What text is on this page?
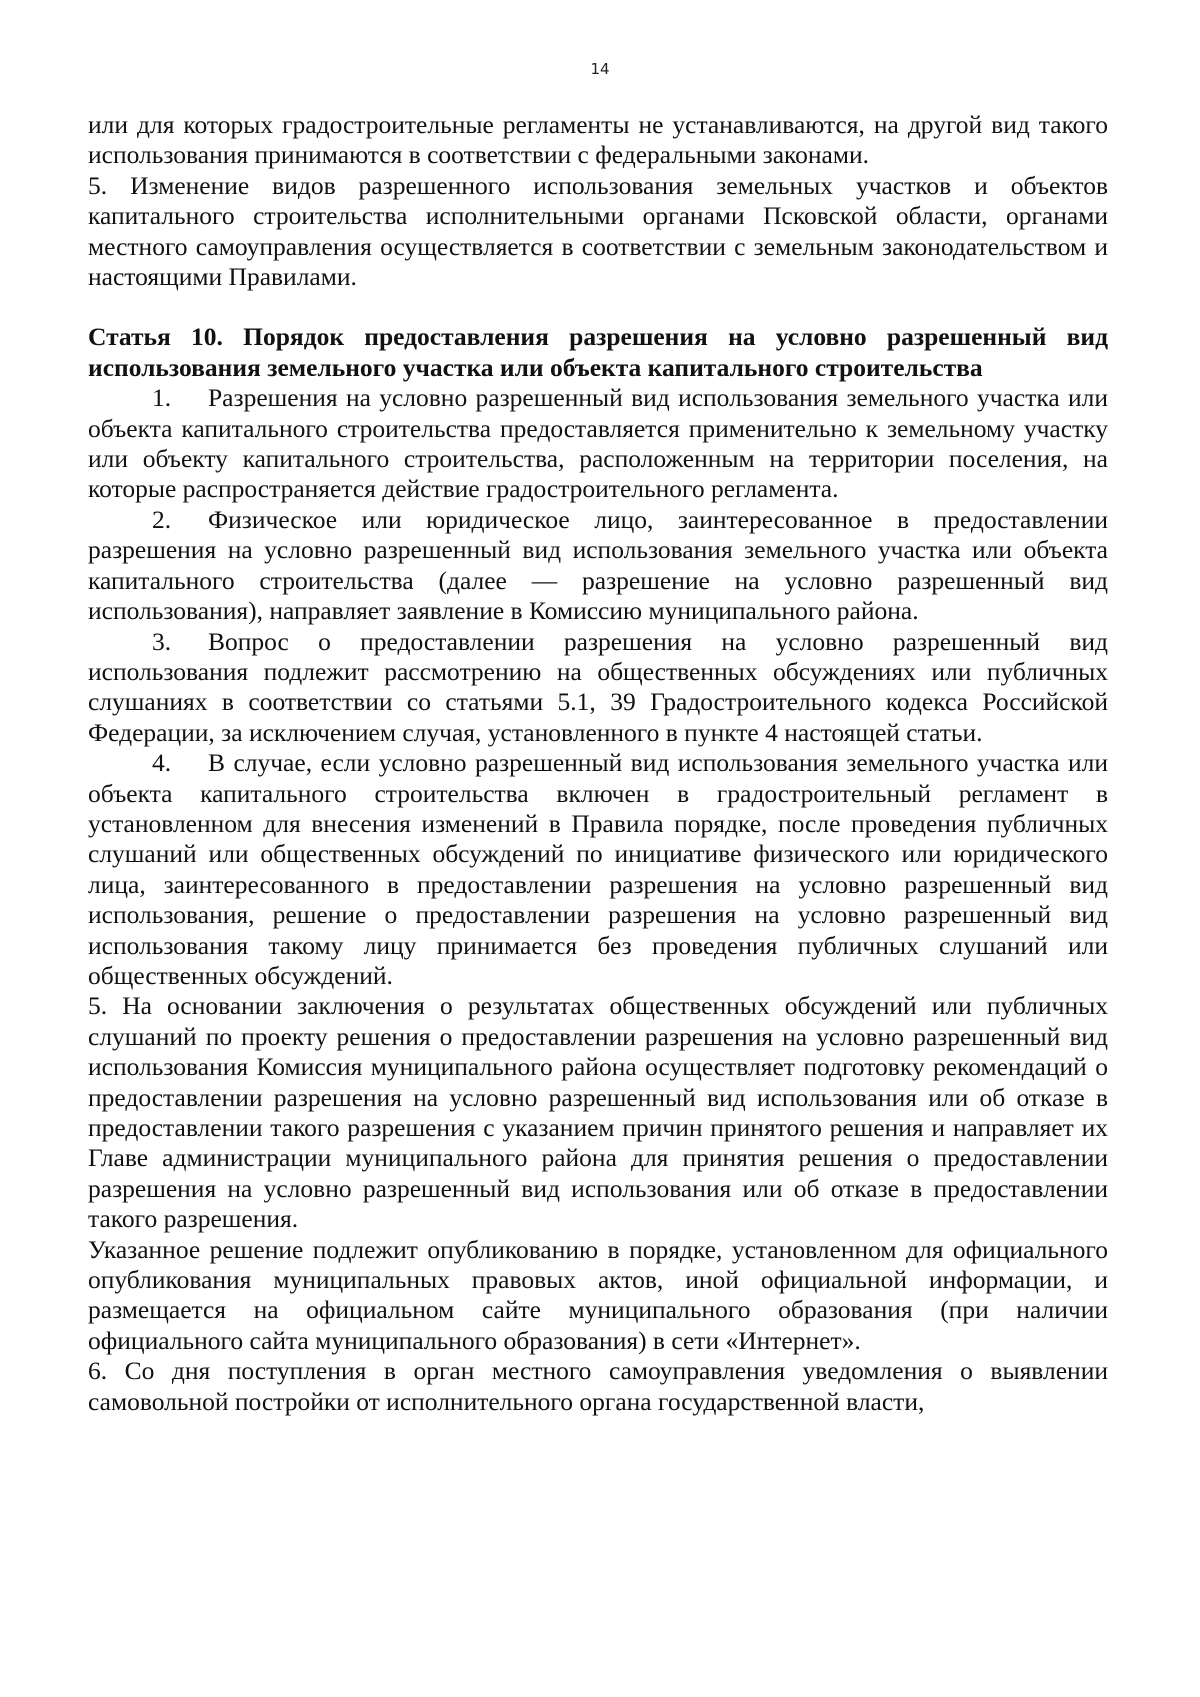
14

или для которых градостроительные регламенты не устанавливаются, на другой вид такого использования принимаются в соответствии с федеральными законами.

5. Изменение видов разрешенного использования земельных участков и объектов капитального строительства исполнительными органами Псковской области, органами местного самоуправления осуществляется в соответствии с земельным законодательством и настоящими Правилами.

Статья 10. Порядок предоставления разрешения на условно разрешенный вид использования земельного участка или объекта капитального строительства

1. Разрешения на условно разрешенный вид использования земельного участка или объекта капитального строительства предоставляется применительно к земельному участку или объекту капитального строительства, расположенным на территории поселения, на которые распространяется действие градостроительного регламента.

2. Физическое или юридическое лицо, заинтересованное в предоставлении разрешения на условно разрешенный вид использования земельного участка или объекта капитального строительства (далее — разрешение на условно разрешенный вид использования), направляет заявление в Комиссию муниципального района.

3. Вопрос о предоставлении разрешения на условно разрешенный вид использования подлежит рассмотрению на общественных обсуждениях или публичных слушаниях в соответствии со статьями 5.1, 39 Градостроительного кодекса Российской Федерации, за исключением случая, установленного в пункте 4 настоящей статьи.

4. В случае, если условно разрешенный вид использования земельного участка или объекта капитального строительства включен в градостроительный регламент в установленном для внесения изменений в Правила порядке, после проведения публичных слушаний или общественных обсуждений по инициативе физического или юридического лица, заинтересованного в предоставлении разрешения на условно разрешенный вид использования, решение о предоставлении разрешения на условно разрешенный вид использования такому лицу принимается без проведения публичных слушаний или общественных обсуждений.

5. На основании заключения о результатах общественных обсуждений или публичных слушаний по проекту решения о предоставлении разрешения на условно разрешенный вид использования Комиссия муниципального района осуществляет подготовку рекомендаций о предоставлении разрешения на условно разрешенный вид использования или об отказе в предоставлении такого разрешения с указанием причин принятого решения и направляет их Главе администрации муниципального района для принятия решения о предоставлении разрешения на условно разрешенный вид использования или об отказе в предоставлении такого разрешения.

Указанное решение подлежит опубликованию в порядке, установленном для официального опубликования муниципальных правовых актов, иной официальной информации, и размещается на официальном сайте муниципального образования (при наличии официального сайта муниципального образования) в сети «Интернет».

6. Со дня поступления в орган местного самоуправления уведомления о выявлении самовольной постройки от исполнительного органа государственной власти,
